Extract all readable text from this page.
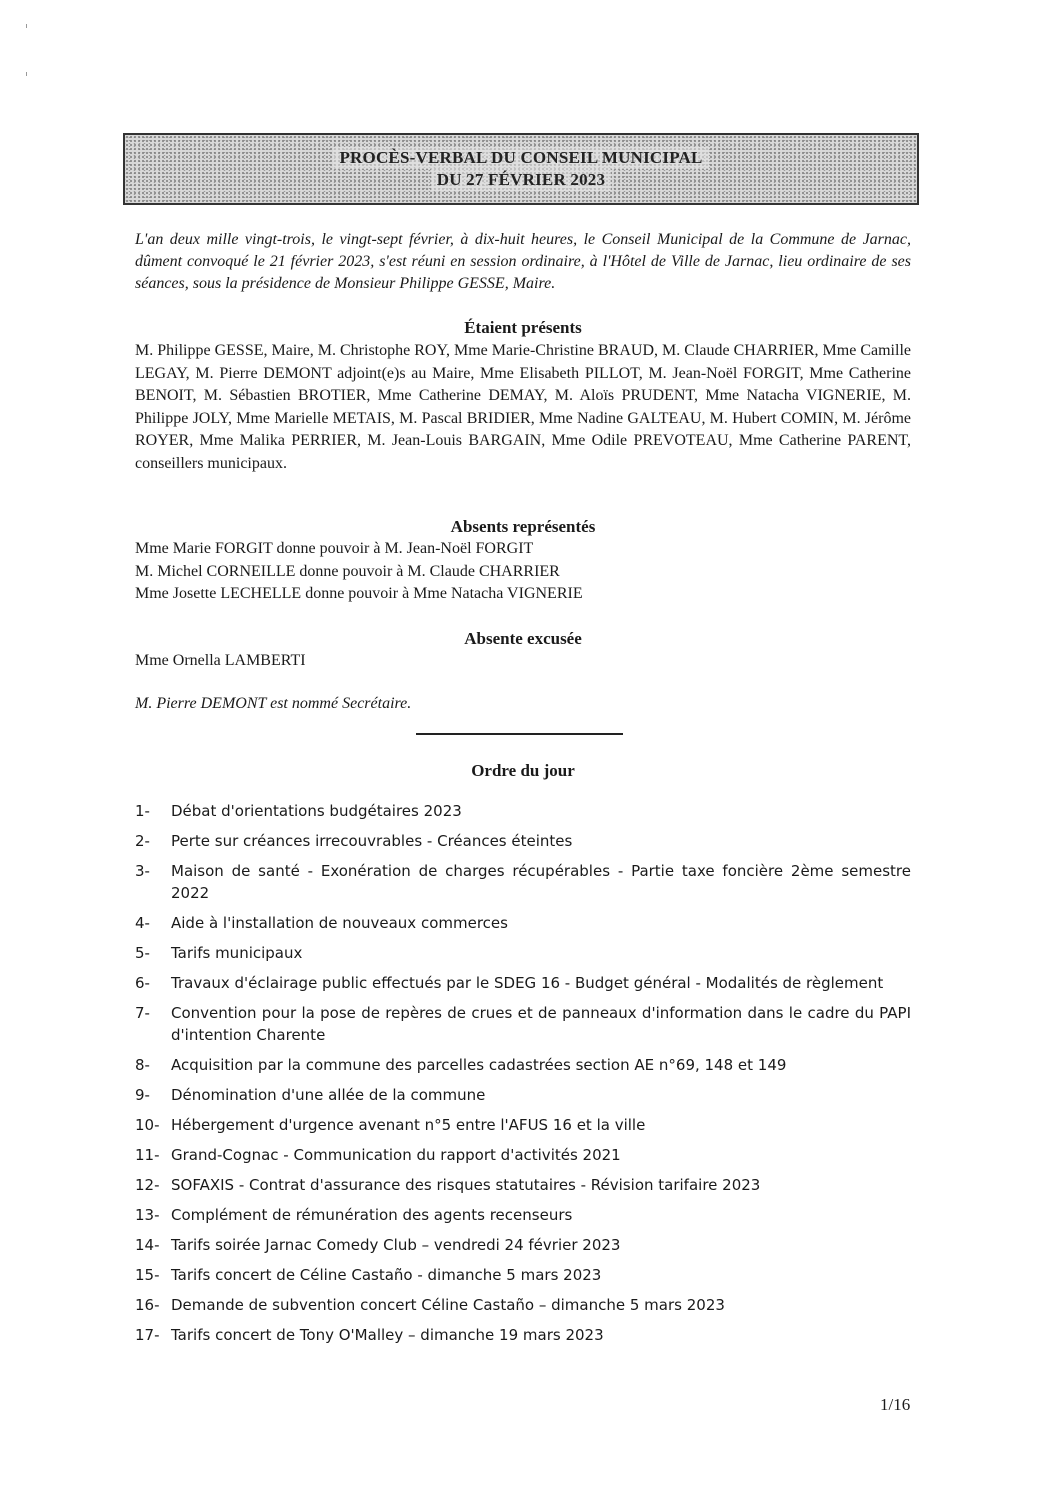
PROCÈS-VERBAL DU CONSEIL MUNICIPAL
DU 27 FÉVRIER 2023
L'an deux mille vingt-trois, le vingt-sept février, à dix-huit heures, le Conseil Municipal de la Commune de Jarnac, dûment convoqué le 21 février 2023, s'est réuni en session ordinaire, à l'Hôtel de Ville de Jarnac, lieu ordinaire de ses séances, sous la présidence de Monsieur Philippe GESSE, Maire.
Étaient présents
M. Philippe GESSE, Maire, M. Christophe ROY, Mme Marie-Christine BRAUD, M. Claude CHARRIER, Mme Camille LEGAY, M. Pierre DEMONT adjoint(e)s au Maire, Mme Elisabeth PILLOT, M. Jean-Noël FORGIT, Mme Catherine BENOIT, M. Sébastien BROTIER, Mme Catherine DEMAY, M. Aloïs PRUDENT, Mme Natacha VIGNERIE, M. Philippe JOLY, Mme Marielle METAIS, M. Pascal BRIDIER, Mme Nadine GALTEAU, M. Hubert COMIN, M. Jérôme ROYER, Mme Malika PERRIER, M. Jean-Louis BARGAIN, Mme Odile PREVOTEAU, Mme Catherine PARENT, conseillers municipaux.
Absents représentés
Mme Marie FORGIT donne pouvoir à M. Jean-Noël FORGIT
M. Michel CORNEILLE donne pouvoir à M. Claude CHARRIER
Mme Josette LECHELLE donne pouvoir à Mme Natacha VIGNERIE
Absente excusée
Mme Ornella LAMBERTI
M. Pierre DEMONT est nommé Secrétaire.
Ordre du jour
1-	Débat d'orientations budgétaires 2023
2-	Perte sur créances irrecouvrables - Créances éteintes
3-	Maison de santé - Exonération de charges récupérables - Partie taxe foncière 2ème semestre 2022
4-	Aide à l'installation de nouveaux commerces
5-	Tarifs municipaux
6-	Travaux d'éclairage public effectués par le SDEG 16 - Budget général - Modalités de règlement
7-	Convention pour la pose de repères de crues et de panneaux d'information dans le cadre du PAPI d'intention Charente
8-	Acquisition par la commune des parcelles cadastrées section AE n°69, 148 et 149
9-	Dénomination d'une allée de la commune
10- Hébergement d'urgence avenant n°5 entre l'AFUS 16 et la ville
11- Grand-Cognac - Communication du rapport d'activités 2021
12- SOFAXIS - Contrat d'assurance des risques statutaires - Révision tarifaire 2023
13- Complément de rémunération des agents recenseurs
14- Tarifs soirée Jarnac Comedy Club – vendredi 24 février 2023
15- Tarifs concert de Céline Castaño - dimanche 5 mars 2023
16- Demande de subvention concert Céline Castaño – dimanche 5 mars 2023
17- Tarifs concert de Tony O'Malley – dimanche 19 mars 2023
1/16
